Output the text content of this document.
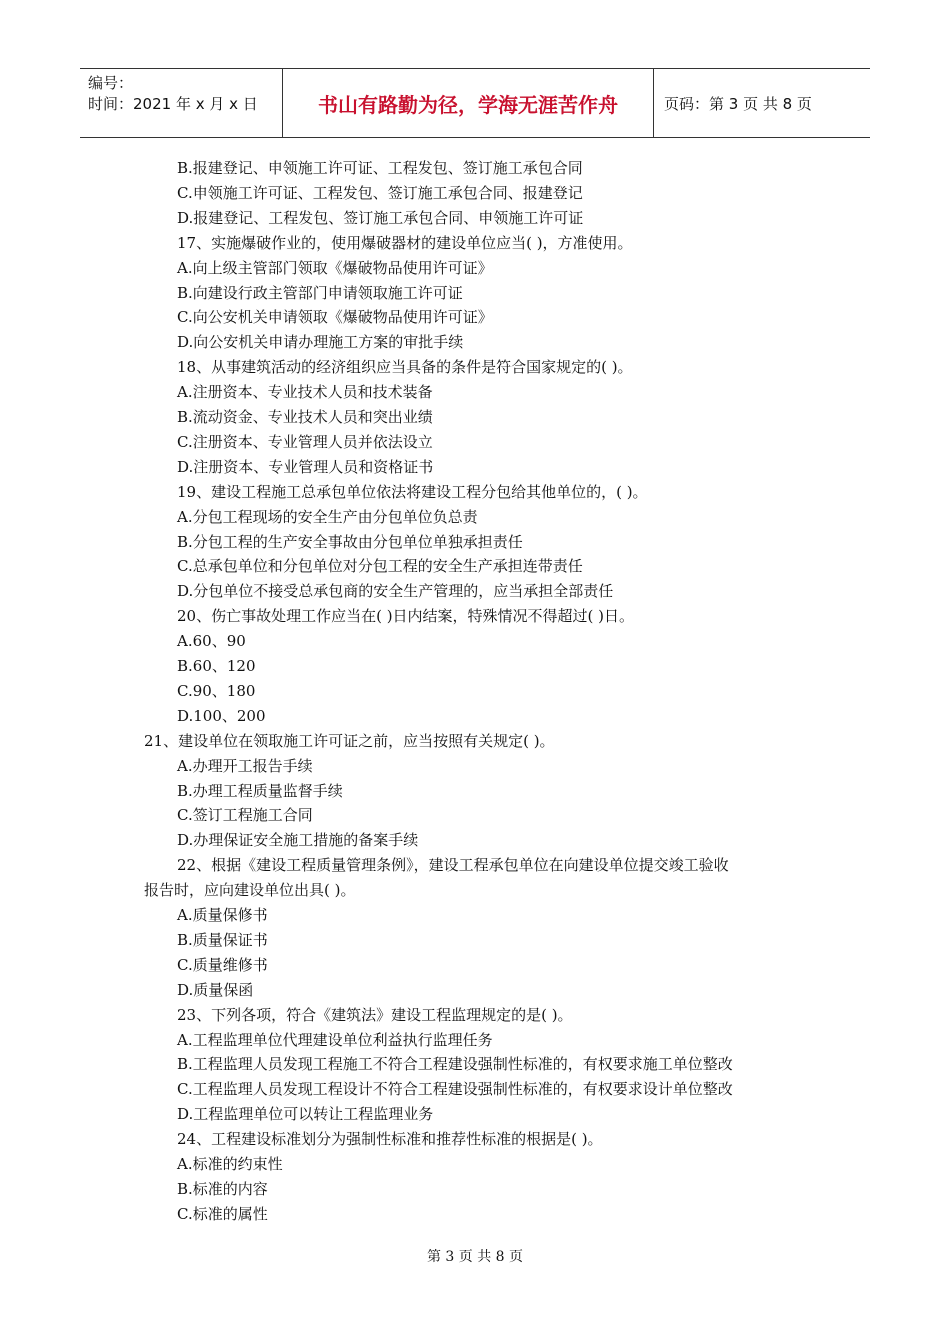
编号：
时间：2021 年 x 月 x 日	书山有路勤为径，学海无涯苦作舟	页码：第 3 页 共 8 页
B.报建登记、申领施工许可证、工程发包、签订施工承包合同
C.申领施工许可证、工程发包、签订施工承包合同、报建登记
D.报建登记、工程发包、签订施工承包合同、申领施工许可证
17、实施爆破作业的，使用爆破器材的建设单位应当( )，方准使用。
A.向上级主管部门领取《爆破物品使用许可证》
B.向建设行政主管部门申请领取施工许可证
C.向公安机关申请领取《爆破物品使用许可证》
D.向公安机关申请办理施工方案的审批手续
18、从事建筑活动的经济组织应当具备的条件是符合国家规定的( )。
A.注册资本、专业技术人员和技术装备
B.流动资金、专业技术人员和突出业绩
C.注册资本、专业管理人员并依法设立
D.注册资本、专业管理人员和资格证书
19、建设工程施工总承包单位依法将建设工程分包给其他单位的，( )。
A.分包工程现场的安全生产由分包单位负总责
B.分包工程的生产安全事故由分包单位单独承担责任
C.总承包单位和分包单位对分包工程的安全生产承担连带责任
D.分包单位不接受总承包商的安全生产管理的，应当承担全部责任
20、伤亡事故处理工作应当在( )日内结案，特殊情况不得超过( )日。
A.60、90
B.60、120
C.90、180
D.100、200
21、建设单位在领取施工许可证之前，应当按照有关规定( )。
A.办理开工报告手续
B.办理工程质量监督手续
C.签订工程施工合同
D.办理保证安全施工措施的备案手续
22、根据《建设工程质量管理条例》，建设工程承包单位在向建设单位提交竣工验收
报告时，应向建设单位出具( )。
A.质量保修书
B.质量保证书
C.质量维修书
D.质量保函
23、下列各项，符合《建筑法》建设工程监理规定的是( )。
A.工程监理单位代理建设单位利益执行监理任务
B.工程监理人员发现工程施工不符合工程建设强制性标准的，有权要求施工单位整改
C.工程监理人员发现工程设计不符合工程建设强制性标准的，有权要求设计单位整改
D.工程监理单位可以转让工程监理业务
24、工程建设标准划分为强制性标准和推荐性标准的根据是( )。
A.标准的约束性
B.标准的内容
C.标准的属性
第 3 页 共 8 页
